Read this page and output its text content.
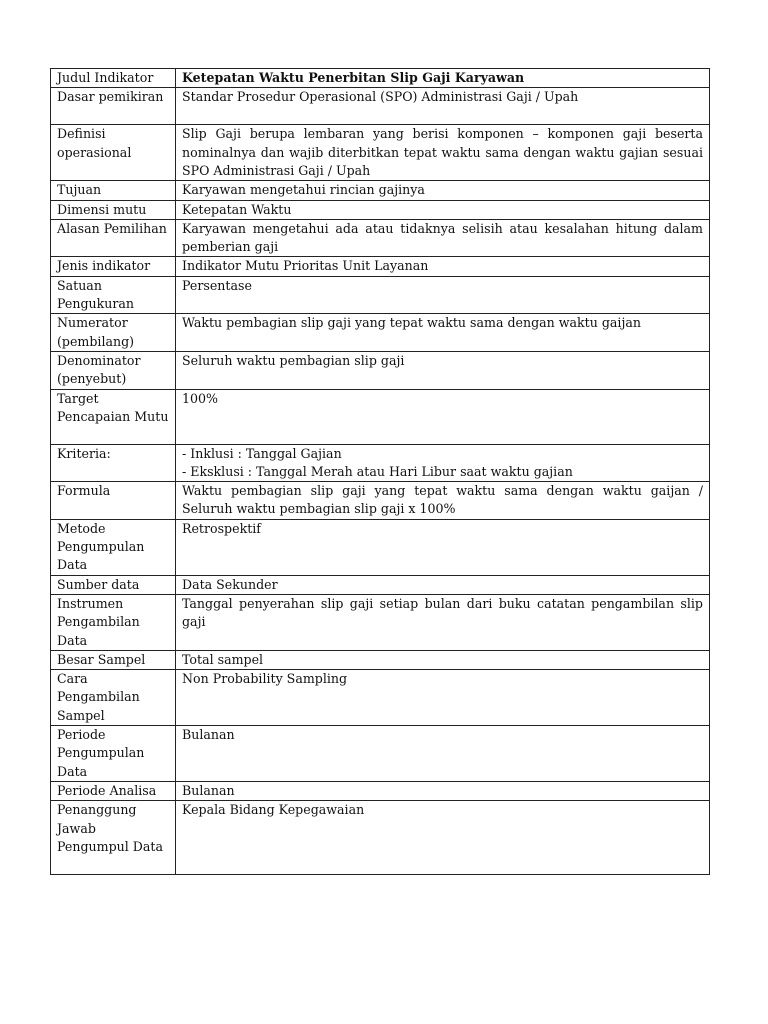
Judul Indikator	Ketepatan Waktu Penerbitan Slip Gaji Karyawan
Dasar pemikiran	Standar Prosedur Operasional (SPO) Administrasi Gaji / Upah
Definisi operasional	Slip Gaji berupa lembaran yang berisi komponen – komponen gaji beserta nominalnya dan wajib diterbitkan tepat waktu sama dengan waktu gajian sesuai SPO Administrasi Gaji / Upah
Tujuan	Karyawan mengetahui rincian gajinya
Dimensi mutu	Ketepatan Waktu
Alasan Pemilihan	Karyawan mengetahui ada atau tidaknya selisih atau kesalahan hitung dalam pemberian gaji
Jenis indikator	Indikator Mutu Prioritas Unit Layanan
Satuan Pengukuran	Persentase
Numerator (pembilang)	Waktu pembagian slip gaji yang tepat waktu sama dengan waktu gaijan
Denominator (penyebut)	Seluruh waktu pembagian slip gaji
Target Pencapaian Mutu	100%
Kriteria:	- Inklusi : Tanggal Gajian
- Eksklusi : Tanggal Merah atau Hari Libur saat waktu gajian

Formula	Waktu pembagian slip gaji yang tepat waktu sama dengan waktu gaijan / Seluruh waktu pembagian slip gaji x 100%
Metode Pengumpulan Data	Retrospektif
Sumber data	Data Sekunder
Instrumen Pengambilan Data	Tanggal penyerahan slip gaji setiap bulan dari buku catatan pengambilan slip gaji
Besar Sampel	Total sampel
Cara Pengambilan Sampel	Non Probability Sampling
Periode Pengumpulan Data	Bulanan
Periode Analisa	Bulanan
Penanggung Jawab Pengumpul Data	Kepala Bidang Kepegawaian
